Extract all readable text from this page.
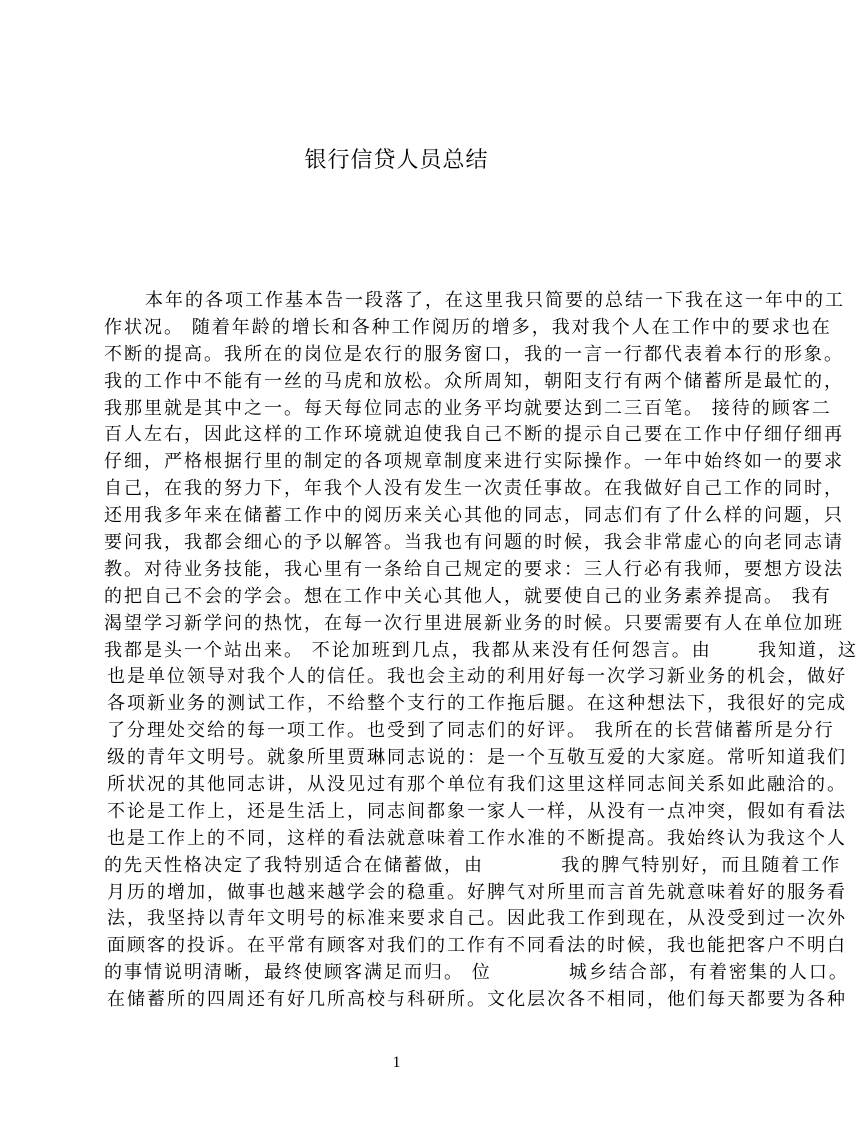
银行信贷人员总结
本年的各项工作基本告一段落了，在这里我只简要的总结一下我在这一年中的工
作状况。 随着年龄的增长和各种工作阅历的增多，我对我个人在工作中的要求也在
不断的提高。我所在的岗位是农行的服务窗口，我的一言一行都代表着本行的形象。
我的工作中不能有一丝的马虎和放松。众所周知，朝阳支行有两个储蓄所是最忙的，
我那里就是其中之一。每天每位同志的业务平均就要达到二三百笔。 接待的顾客二
百人左右，因此这样的工作环境就迫使我自己不断的提示自己要在工作中仔细仔细再
仔细，严格根据行里的制定的各项规章制度来进行实际操作。一年中始终如一的要求
自己，在我的努力下，年我个人没有发生一次责任事故。在我做好自己工作的同时，
还用我多年来在储蓄工作中的阅历来关心其他的同志，同志们有了什么样的问题，只
要问我，我都会细心的予以解答。当我也有问题的时候，我会非常虚心的向老同志请
教。对待业务技能，我心里有一条给自己规定的要求：三人行必有我师，要想方设法
的把自己不会的学会。想在工作中关心其他人，就要使自己的业务素养提高。 我有
渴望学习新学问的热忱，在每一次行里进展新业务的时候。只要需要有人在单位加班
我都是头一个站出来。 不论加班到几点，我都从来没有任何怨言。由      我知道，这
也是单位领导对我个人的信任。我也会主动的利用好每一次学习新业务的机会，做好
各项新业务的测试工作，不给整个支行的工作拖后腿。在这种想法下，我很好的完成
了分理处交给的每一项工作。也受到了同志们的好评。 我所在的长营储蓄所是分行
级的青年文明号。就象所里贾琳同志说的：是一个互敬互爱的大家庭。常听知道我们
所状况的其他同志讲，从没见过有那个单位有我们这里这样同志间关系如此融洽的。
不论是工作上，还是生活上，同志间都象一家人一样，从没有一点冲突，假如有看法
也是工作上的不同，这样的看法就意味着工作水准的不断提高。我始终认为我这个人
的先天性格决定了我特别适合在储蓄做，由          我的脾气特别好，而且随着工作
月历的增加，做事也越来越学会的稳重。好脾气对所里而言首先就意味着好的服务看
法，我坚持以青年文明号的标准来要求自己。因此我工作到现在，从没受到过一次外
面顾客的投诉。在平常有顾客对我们的工作有不同看法的时候，我也能把客户不明白
的事情说明清晰，最终使顾客满足而归。 位          城乡结合部，有着密集的人口。
在储蓄所的四周还有好几所高校与科研所。文化层次各不相同，他们每天都要为各种
1
